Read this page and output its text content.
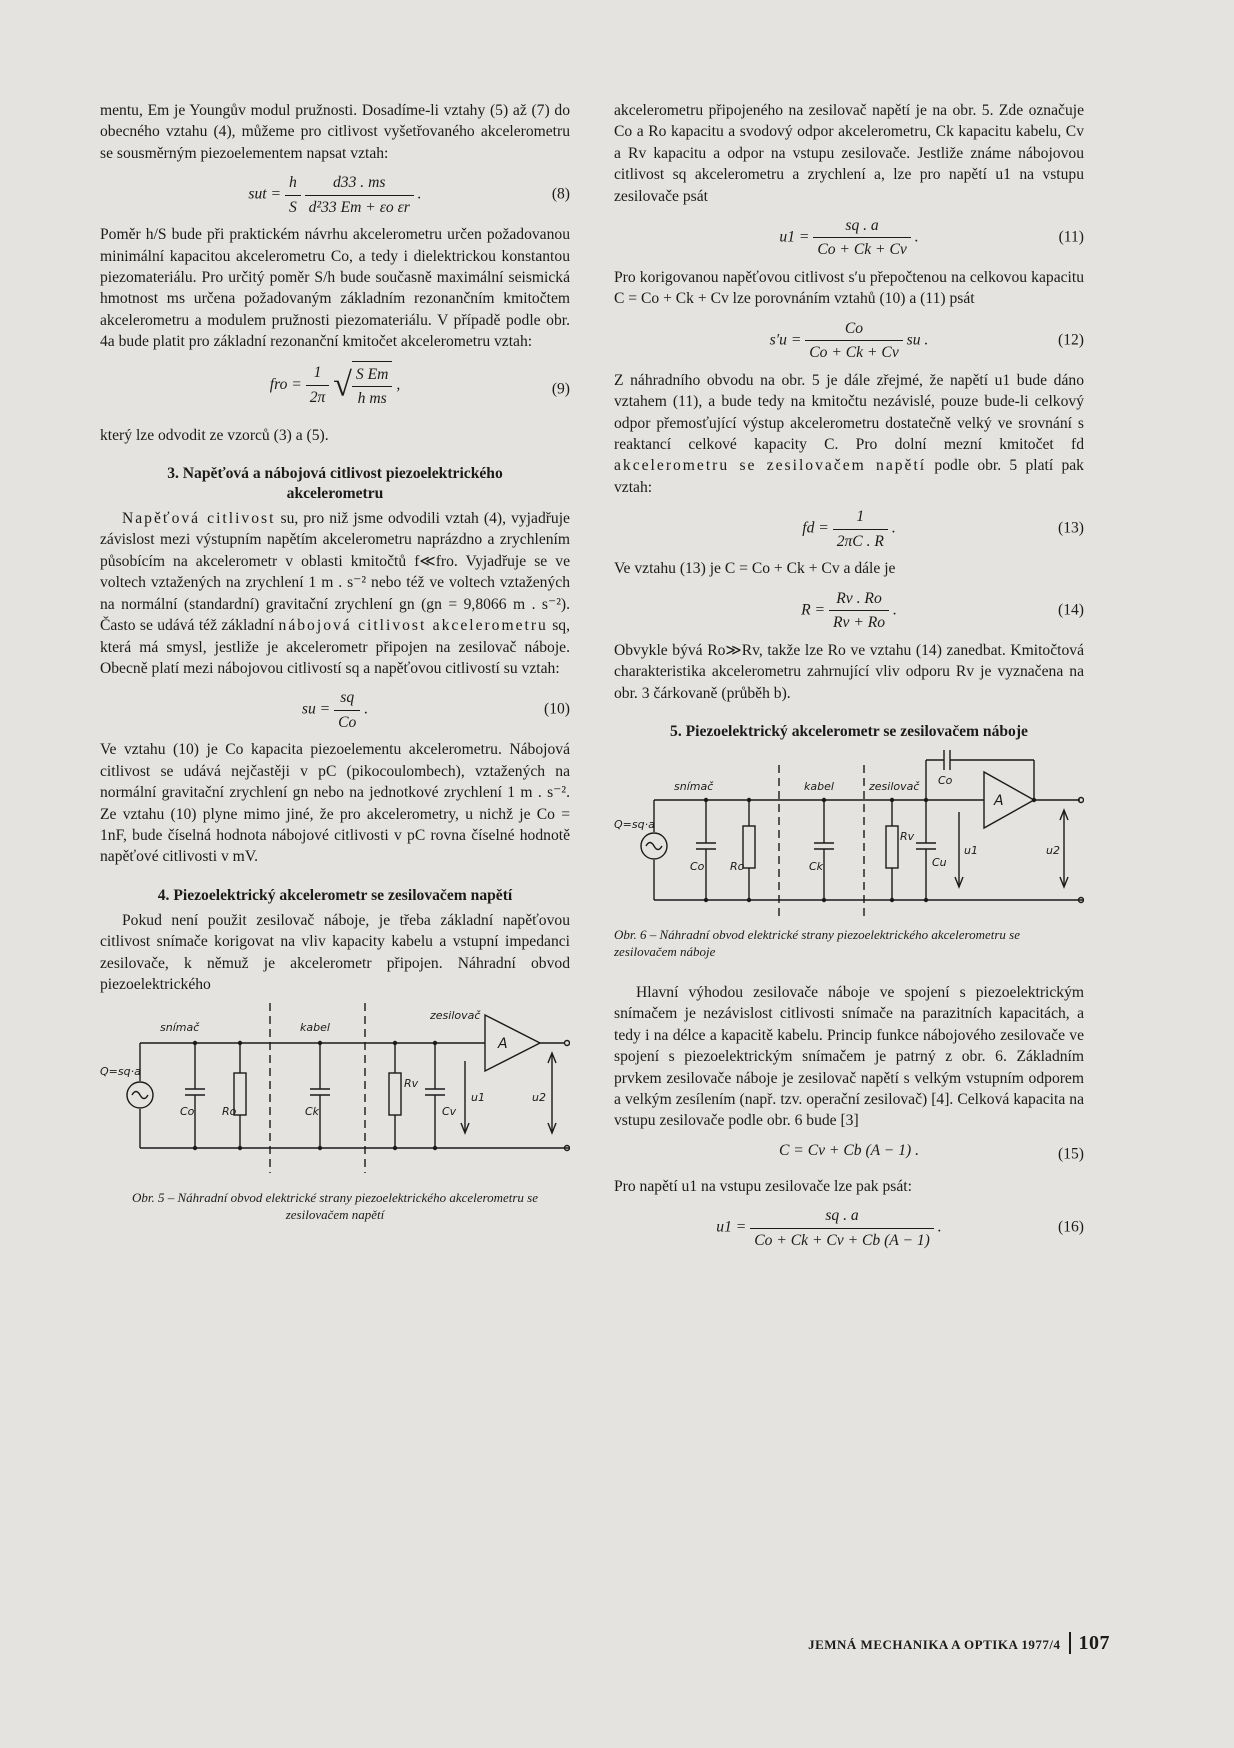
mentu, Em je Youngův modul pružnosti. Dosadíme-li vztahy (5) až (7) do obecného vztahu (4), můžeme pro citlivost vyšetřovaného akcelerometru se sousměrným piezoelementem napsat vztah:

sut = $\frac{h}{S}$
$\frac{d33 . ms}{\text{d²33 Em + εo εr}}$ .	(8)

Poměr h/S bude při praktickém návrhu akcelerometru určen požadovanou minimální kapacitou akcelerometru Co, a tedy i dielektrickou konstantou piezomateriálu. Pro určitý poměr S/h bude současně maximální seismická hmotnost ms určena požadovaným základním rezonančním kmitočtem akcelerometru a modulem pružnosti piezomateriálu. V případě podle obr. 4a bude platit pro základní rezonanční kmitočet akcelerometru vztah:

fro = $\frac{1}{2\pi}$ √ $\frac{\text{S Em}}{\text{h ms}}$ ,	(9)

který lze odvodit ze vzorců (3) a (5).

3. Napěťová a nábojová citlivost piezoelektrického akcelerometru

Napěťová citlivost su, pro niž jsme odvodili vztah (4), vyjadřuje závislost mezi výstupním napětím akcelerometru naprázdno a zrychlením působícím na akcelerometr v oblasti kmitočtů f≪fro. Vyjadřuje se ve voltech vztažených na zrychlení 1 m . s⁻² nebo též ve voltech vztažených na normální (standardní) gravitační zrychlení gn (gn = 9,8066 m . s⁻²). Často se udává též základní nábojová citlivost akcelerometru sq, která má smysl, jestliže je akcelerometr připojen na zesilovač náboje. Obecně platí mezi nábojovou citlivostí sq a napěťovou citlivostí su vztah:

su = $\frac{sq}{Co}$ .	(10)

Ve vztahu (10) je Co kapacita piezoelementu akcelerometru. Nábojová citlivost se udává nejčastěji v pC (pikocoulombech), vztažených na normální gravitační zrychlení gn nebo na jednotkové zrychlení 1 m . s⁻². Ze vztahu (10) plyne mimo jiné, že pro akcelerometry, u nichž je Co = 1nF, bude číselná hodnota nábojové citlivosti v pC rovna číselné hodnotě napěťové citlivosti v mV.

4. Piezoelektrický akcelerometr se zesilovačem napětí

Pokud není použit zesilovač náboje, je třeba základní napěťovou citlivost snímače korigovat na vliv kapacity kabelu a vstupní impedanci zesilovače, k němuž je akcelerometr připojen. Náhradní obvod piezoelektrického

snímač	kabel
zesilovač
Q=sq·a
Co	Ro	Ck
Rv
Cv
u1	u2
A
Obr. 5 – Náhradní obvod elektrické strany piezoelektrického akcelerometru se zesilovačem napětí

akcelerometru připojeného na zesilovač napětí je na obr. 5. Zde označuje Co a Ro kapacitu a svodový odpor akcelerometru, Ck kapacitu kabelu, Cv a Rv kapacitu a odpor na vstupu zesilovače. Jestliže známe nábojovou citlivost sq akcelerometru a zrychlení a, lze pro napětí u1 na vstupu zesilovače psát

$u1 = \frac{sq . a}{Co + Ck + Cv}$ .	(11)

Pro korigovanou napěťovou citlivost s′u přepočtenou na celkovou kapacitu C = Co + Ck + Cv lze porovnáním vztahů (10) a (11) psát

$s'u = \frac{Co}{Co + Ck + Cv}$ su .	(12)

Z náhradního obvodu na obr. 5 je dále zřejmé, že napětí u1 bude dáno vztahem (11), a bude tedy na kmitočtu nezávislé, pouze bude-li celkový odpor přemosťující výstup akcelerometru dostatečně velký ve srovnání s reaktancí celkové kapacity C. Pro dolní mezní kmitočet fd akcelerometru se zesilovačem napětí podle obr. 5 platí pak vztah:

fd = $\frac{1}{2\pi C . R}$ .	(13)

Ve vztahu (13) je C = Co + Ck + Cv a dále je

$R = \frac{Rv . Ro}{Rv + Ro}$ .	(14)

Obvykle bývá Ro≫Rv, takže lze Ro ve vztahu (14) zanedbat. Kmitočtová charakteristika akcelerometru zahrnující vliv odporu Rv je vyznačena na obr. 3 čárkovaně (průběh b).

5. Piezoelektrický akcelerometr se zesilovačem náboje
snímač	kabel	zesilovač
Q=sq·a
Co Ro	Ck
Rv
Cu
Co
u1	u2
A
Obr. 6 – Náhradní obvod elektrické strany piezoelektrického akcelerometru se zesilovačem náboje

Hlavní výhodou zesilovače náboje ve spojení s piezoelektrickým snímačem je nezávislost citlivosti snímače na parazitních kapacitách, a tedy i na délce a kapacitě kabelu. Princip funkce nábojového zesilovače ve spojení s piezoelektrickým snímačem je patrný z obr. 6. Základním prvkem zesilovače náboje je zesilovač napětí s velkým vstupním odporem a velkým zesílením (např. tzv. operační zesilovač) [4]. Celková kapacita na vstupu zesilovače podle obr. 6 bude [3]

C = Cv + Cb (A − 1) .	(15)

Pro napětí u1 na vstupu zesilovače lze pak psát:

$u1 = \frac{sq . a}{Co + Ck + Cv + Cb (A - 1)}$ .	(16)
JEMNÁ MECHANIKA A OPTIKA 1977/4 107
